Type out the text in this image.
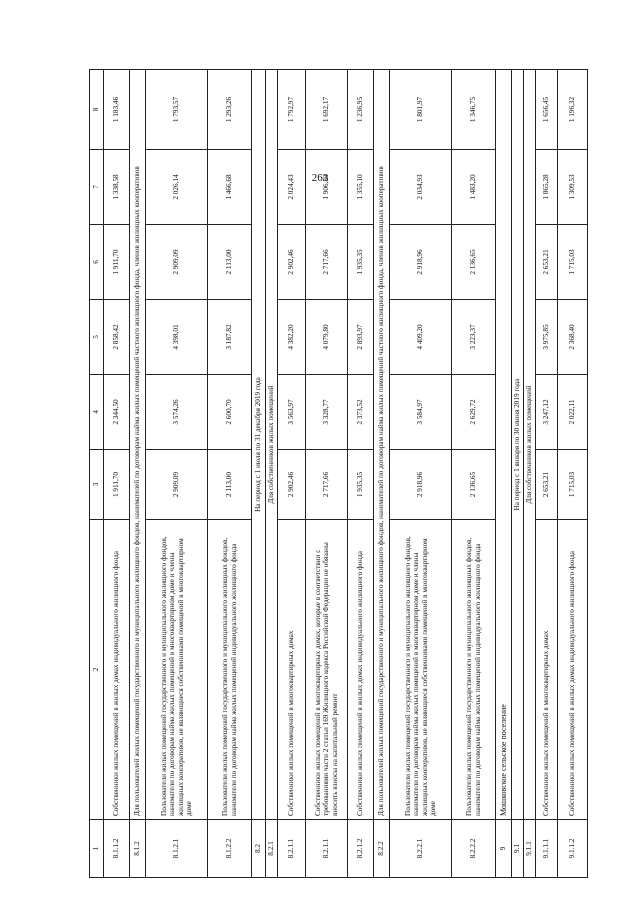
263
1	2	3	4	5	6	7	8
8.1.1.2	Собственники жилых помещений в жилых домах индивидуального жилищного фонда	1 911,70	2 344,50	2 858,42	1 911,70	1 338,58	1 183,46
8.1.2	Для пользователей жилых помещений государственного и муниципального жилищного фондов, нанимателей по договорам найма жилых помещений частного жилищного фонда, членов жилищных кооперативов						
8.1.2.1	Пользователи жилых помещений государственного и муниципального жилищного фондов, наниматели по договорам найма жилых помещений в многоквартирном доме и члены жилищных кооперативов, не являющиеся собственниками помещений в многоквартирном доме	2 909,09	3 574,26	4 398,01	2 909,09	2 026,14	1 793,57
8.1.2.2	Пользователи жилых помещений государственного и муниципального жилищных фондов, наниматели по договорам найма жилых помещений индивидуального жилищного фонда	2 113,00	2 600,70	3 187,82	2 113,00	1 466,68	1 293,26
8.2	На период с 1 июля по 31 декабря 2019 года						
8.2.1	Для собственников жилых помещений						
8.2.1.1	Собственники жилых помещений в многоквартирных домах	2 902,46	3 563,97	4 382,20	2 902,46	2 024,43	1 792,97
8.2.1.1	Собственники жилых помещений в многоквартирных домах, которые в соответствии с требованиями части 2 статьи 169 Жилищного кодекса Российской Федерации не обязаны вносить взносы на капитальный ремонт	2 717,66	3 328,77	4 079,80	2 717,66	1 906,83	1 692,17
8.2.1.2	Собственники жилых помещений в жилых домах индивидуального жилищного фонда	1 935,35	2 373,52	2 893,97	1 935,35	1 355,10	1 236,95
8.2.2	Для пользователей жилых помещений государственного и муниципального жилищного фондов, нанимателей по договорам найма жилых помещений частного жилищного фонда, членов жилищных кооперативов						
8.2.2.1	Пользователи жилых помещений государственного и муниципального жилищного фондов, наниматели по договорам найма жилых помещений в многоквартирном доме и члены жилищных кооперативов, не являющиеся собственниками помещений в многоквартирном доме	2 918,96	3 584,97	4 409,20	2 918,96	2 034,93	1 801,97
8.2.2.2	Пользователи жилых помещений государственного и муниципального жилищных фондов, наниматели по договорам найма жилых помещений индивидуального жилищного фонда	2 136,65	2 629,72	3 223,37	2 136,65	1 483,20	1 346,75
9	Мошковское сельское поселение						
9.1	На период с 1 января по 30 июня 2019 года						
9.1.1	Для собственников жилых помещений						
9.1.1.1	Собственники жилых помещений в многоквартирных домах	2 653,21	3 247,12	3 975,85	2 653,21	1 865,28	1 656,45
9.1.1.2	Собственники жилых помещений в жилых домах индивидуального жилищного фонда	1 715,03	2 022,11	2 368,40	1 715,03	1 309,53	1 196,32
